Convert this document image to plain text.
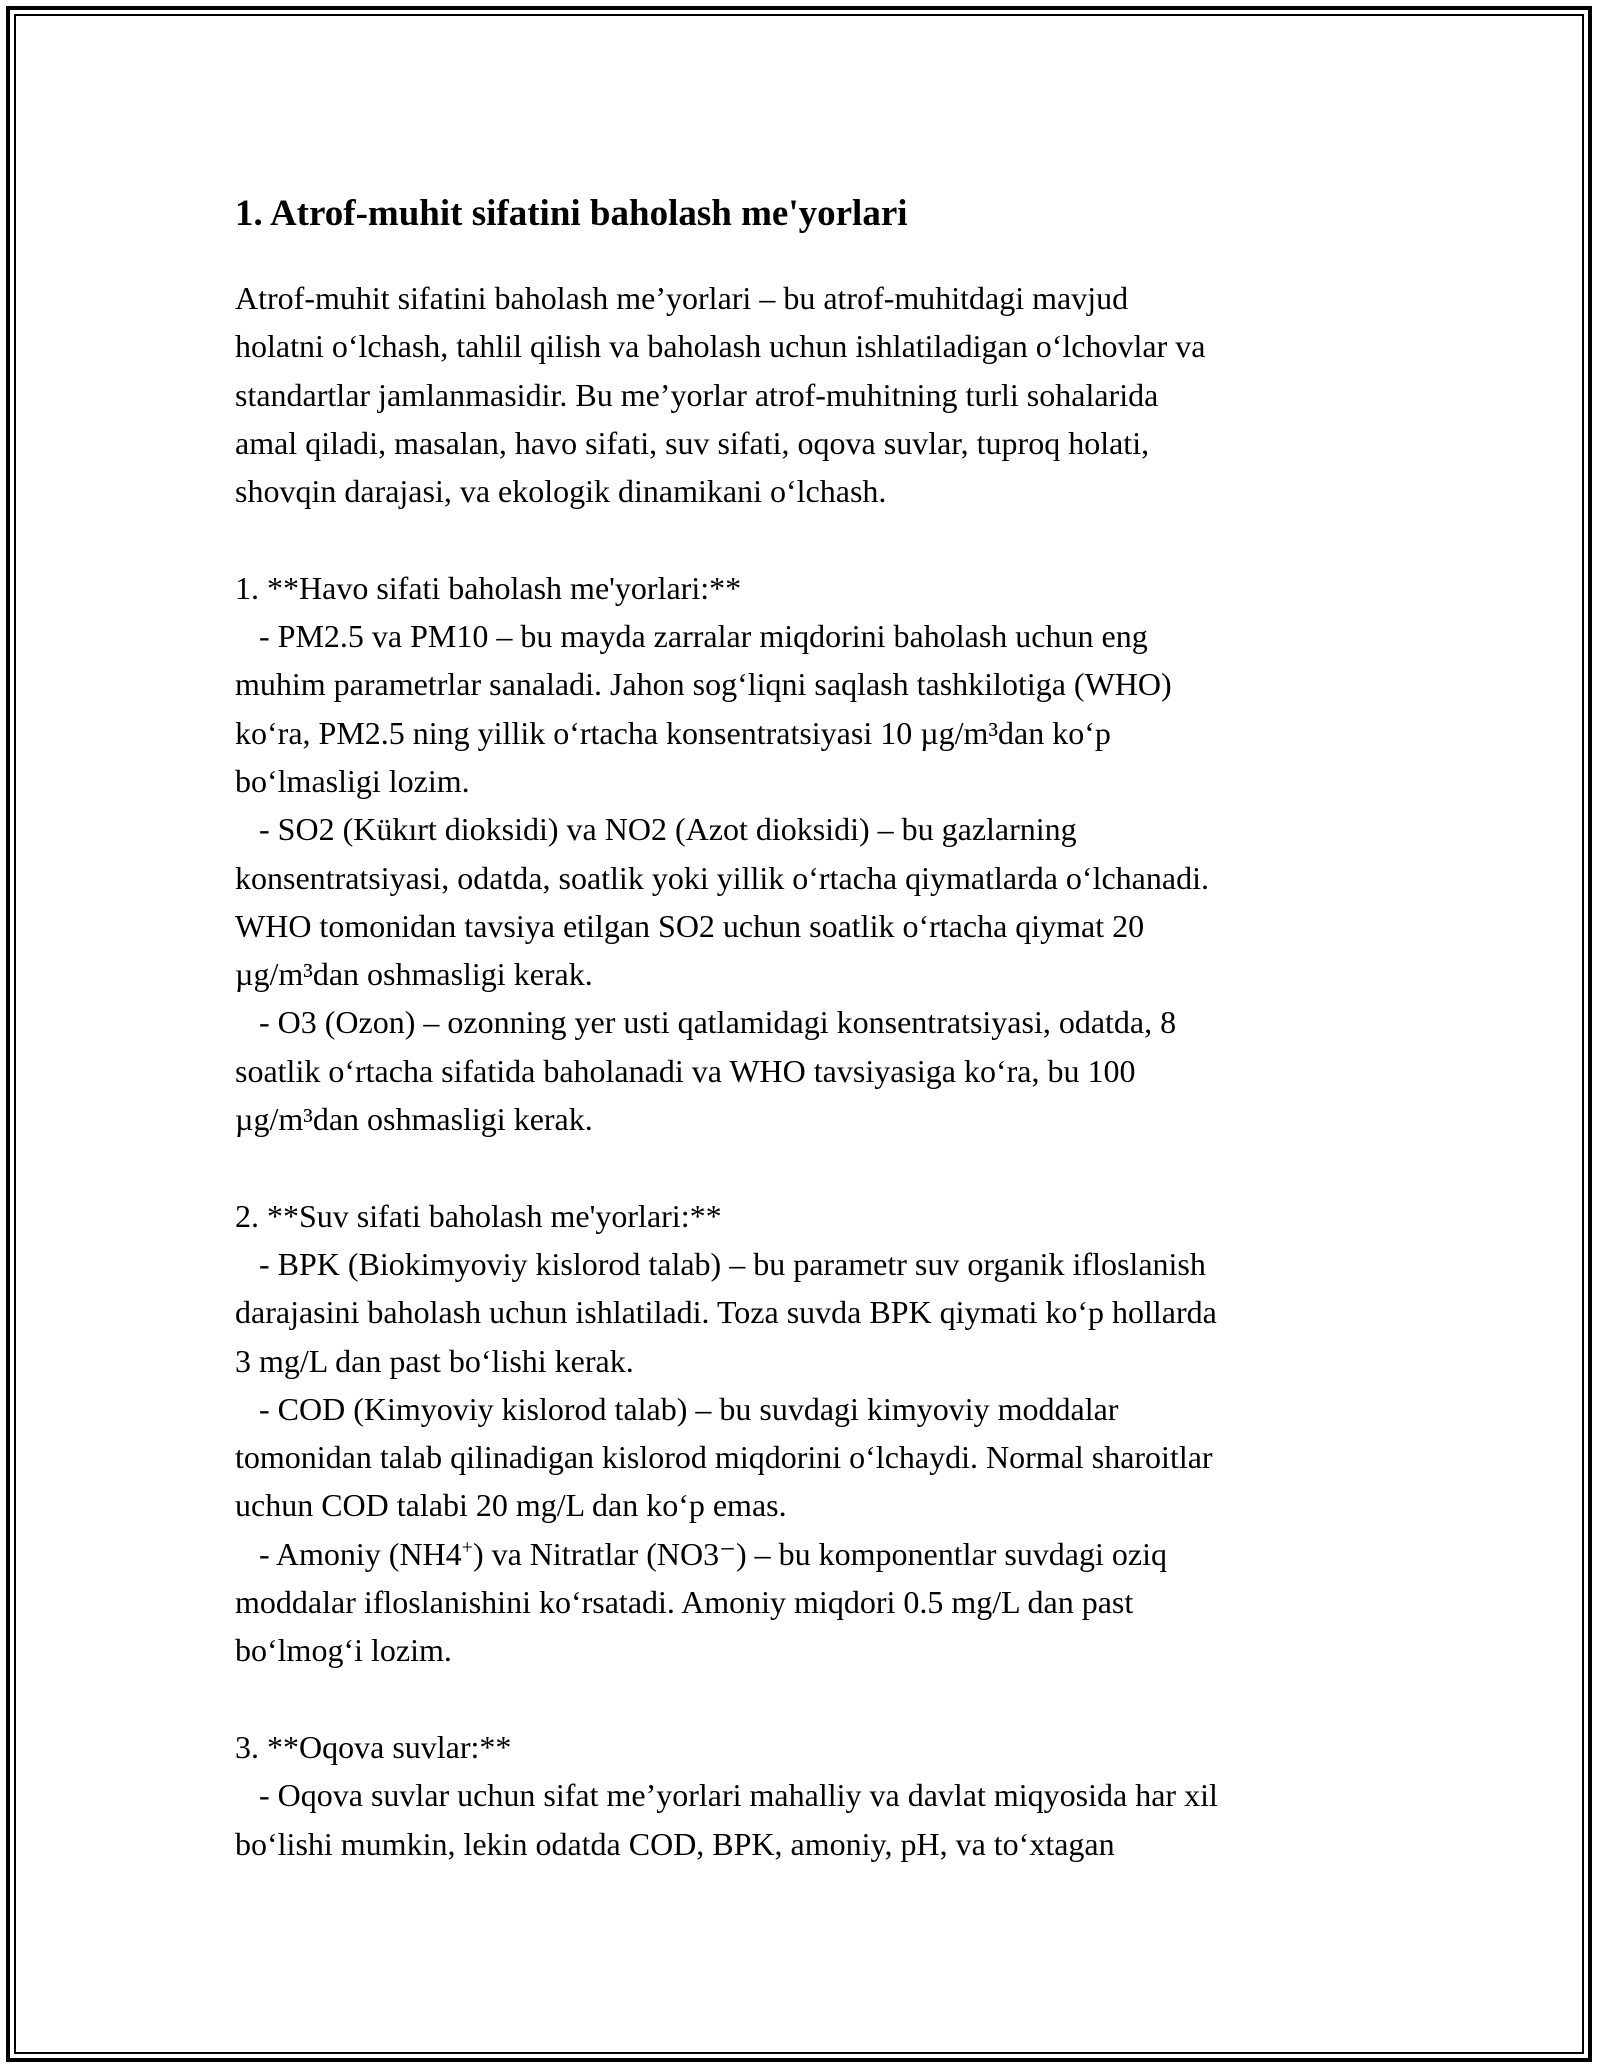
1. Atrof-muhit sifatini baholash me'yorlari
Atrof-muhit sifatini baholash me’yorlari – bu atrof-muhitdagi mavjud
holatni o‘lchash, tahlil qilish va baholash uchun ishlatiladigan o‘lchovlar va
standartlar jamlanmasidir. Bu me’yorlar atrof-muhitning turli sohalarida
amal qiladi, masalan, havo sifati, suv sifati, oqova suvlar, tuproq holati,
shovqin darajasi, va ekologik dinamikani o‘lchash.
1. **Havo sifati baholash me'yorlari:**
- PM2.5 va PM10 – bu mayda zarralar miqdorini baholash uchun eng
muhim parametrlar sanaladi. Jahon sog‘liqni saqlash tashkilotiga (WHO)
ko‘ra, PM2.5 ning yillik o‘rtacha konsentratsiyasi 10 µg/m³dan ko‘p
bo‘lmasligi lozim.
- SO2 (Kükırt dioksidi) va NO2 (Azot dioksidi) – bu gazlarning
konsentratsiyasi, odatda, soatlik yoki yillik o‘rtacha qiymatlarda o‘lchanadi.
WHO tomonidan tavsiya etilgan SO2 uchun soatlik o‘rtacha qiymat 20
µg/m³dan oshmasligi kerak.
- O3 (Ozon) – ozonning yer usti qatlamidagi konsentratsiyasi, odatda, 8
soatlik o‘rtacha sifatida baholanadi va WHO tavsiyasiga ko‘ra, bu 100
µg/m³dan oshmasligi kerak.
2. **Suv sifati baholash me'yorlari:**
- BPK (Biokimyoviy kislorod talab) – bu parametr suv organik ifloslanish
darajasini baholash uchun ishlatiladi. Toza suvda BPK qiymati ko‘p hollarda
3 mg/L dan past bo‘lishi kerak.
- COD (Kimyoviy kislorod talab) – bu suvdagi kimyoviy moddalar
tomonidan talab qilinadigan kislorod miqdorini o‘lchaydi. Normal sharoitlar
uchun COD talabi 20 mg/L dan ko‘p emas.
- Amoniy (NH4+) va Nitratlar (NO3⁻) – bu komponentlar suvdagi oziq
moddalar ifloslanishini ko‘rsatadi. Amoniy miqdori 0.5 mg/L dan past
bo‘lmog‘i lozim.
3. **Oqova suvlar:**
- Oqova suvlar uchun sifat me’yorlari mahalliy va davlat miqyosida har xil
bo‘lishi mumkin, lekin odatda COD, BPK, amoniy, pH, va to‘xtagan
